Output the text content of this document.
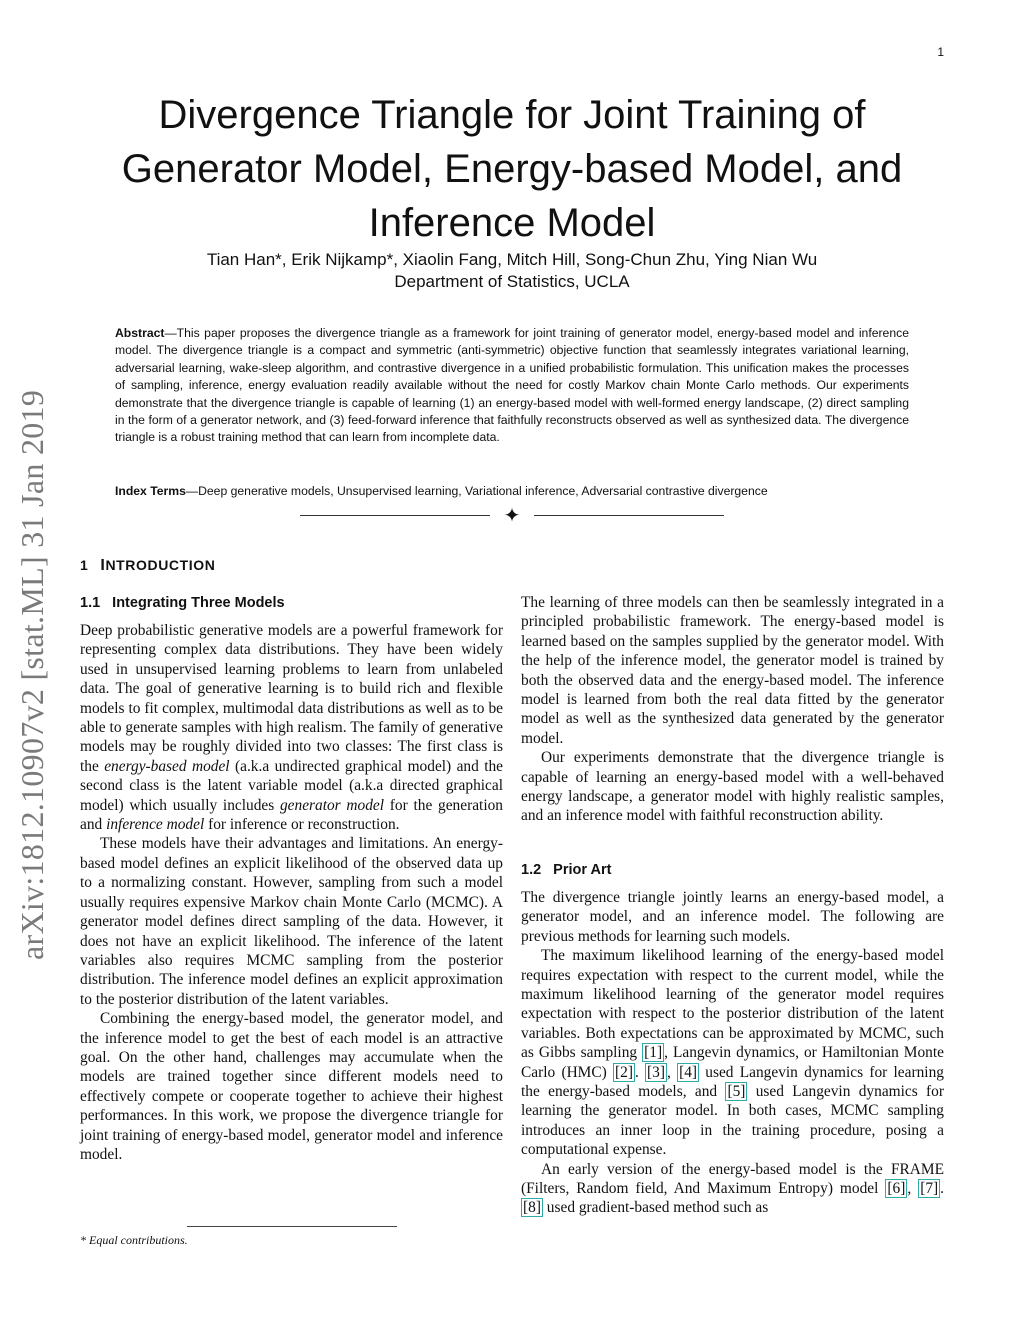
1
Divergence Triangle for Joint Training of
Generator Model, Energy-based Model, and
Inference Model
Tian Han*, Erik Nijkamp*, Xiaolin Fang, Mitch Hill, Song-Chun Zhu, Ying Nian Wu
Department of Statistics, UCLA
Abstract—This paper proposes the divergence triangle as a framework for joint training of generator model, energy-based model and inference model. The divergence triangle is a compact and symmetric (anti-symmetric) objective function that seamlessly integrates variational learning, adversarial learning, wake-sleep algorithm, and contrastive divergence in a unified probabilistic formulation. This unification makes the processes of sampling, inference, energy evaluation readily available without the need for costly Markov chain Monte Carlo methods. Our experiments demonstrate that the divergence triangle is capable of learning (1) an energy-based model with well-formed energy landscape, (2) direct sampling in the form of a generator network, and (3) feed-forward inference that faithfully reconstructs observed as well as synthesized data. The divergence triangle is a robust training method that can learn from incomplete data.
Index Terms—Deep generative models, Unsupervised learning, Variational inference, Adversarial contrastive divergence
✦
arXiv:1812.10907v2 [stat.ML] 31 Jan 2019 1 INTRODUCTION
1.1 Integrating Three Models

Deep probabilistic generative models are a powerful framework for representing complex data distributions. They have been widely used in unsupervised learning problems to learn from unlabeled data. The goal of generative learning is to build rich and flexible models to fit complex, multimodal data distributions as well as to be able to generate samples with high realism. The family of generative models may be roughly divided into two classes: The first class is the energy-based model (a.k.a undirected graphical model) and the second class is the latent variable model (a.k.a directed graphical model) which usually includes generator model for the generation and inference model for inference or reconstruction.

These models have their advantages and limitations. An energy-based model defines an explicit likelihood of the observed data up to a normalizing constant. However, sampling from such a model usually requires expensive Markov chain Monte Carlo (MCMC). A generator model defines direct sampling of the data. However, it does not have an explicit likelihood. The inference of the latent variables also requires MCMC sampling from the posterior distribution. The inference model defines an explicit approximation to the posterior distribution of the latent variables.

Combining the energy-based model, the generator model, and the inference model to get the best of each model is an attractive goal. On the other hand, challenges may accumulate when the models are trained together since different models need to effectively compete or cooperate together to achieve their highest performances. In this work, we propose the divergence triangle for joint training of energy-based model, generator model and inference model.

* Equal contributions.

The learning of three models can then be seamlessly integrated in a principled probabilistic framework. The energy-based model is learned based on the samples supplied by the generator model. With the help of the inference model, the generator model is trained by both the observed data and the energy-based model. The inference model is learned from both the real data fitted by the generator model as well as the synthesized data generated by the generator model.

Our experiments demonstrate that the divergence triangle is capable of learning an energy-based model with a well-behaved energy landscape, a generator model with highly realistic samples, and an inference model with faithful reconstruction ability.

1.2 Prior Art

The divergence triangle jointly learns an energy-based model, a generator model, and an inference model. The following are previous methods for learning such models.

The maximum likelihood learning of the energy-based model requires expectation with respect to the current model, while the maximum likelihood learning of the generator model requires expectation with respect to the posterior distribution of the latent variables. Both expectations can be approximated by MCMC, such as Gibbs sampling [1] , Langevin dynamics, or Hamiltonian Monte Carlo (HMC) [2] . [3] , [4] used Langevin dynamics for learning the energy-based models, and [5] used Langevin dynamics for learning the generator model. In both cases, MCMC sampling introduces an inner loop in the training procedure, posing a computational expense.

An early version of the energy-based model is the FRAME (Filters, Random field, And Maximum Entropy) model [6] , [7] . [8] used gradient-based method such as
